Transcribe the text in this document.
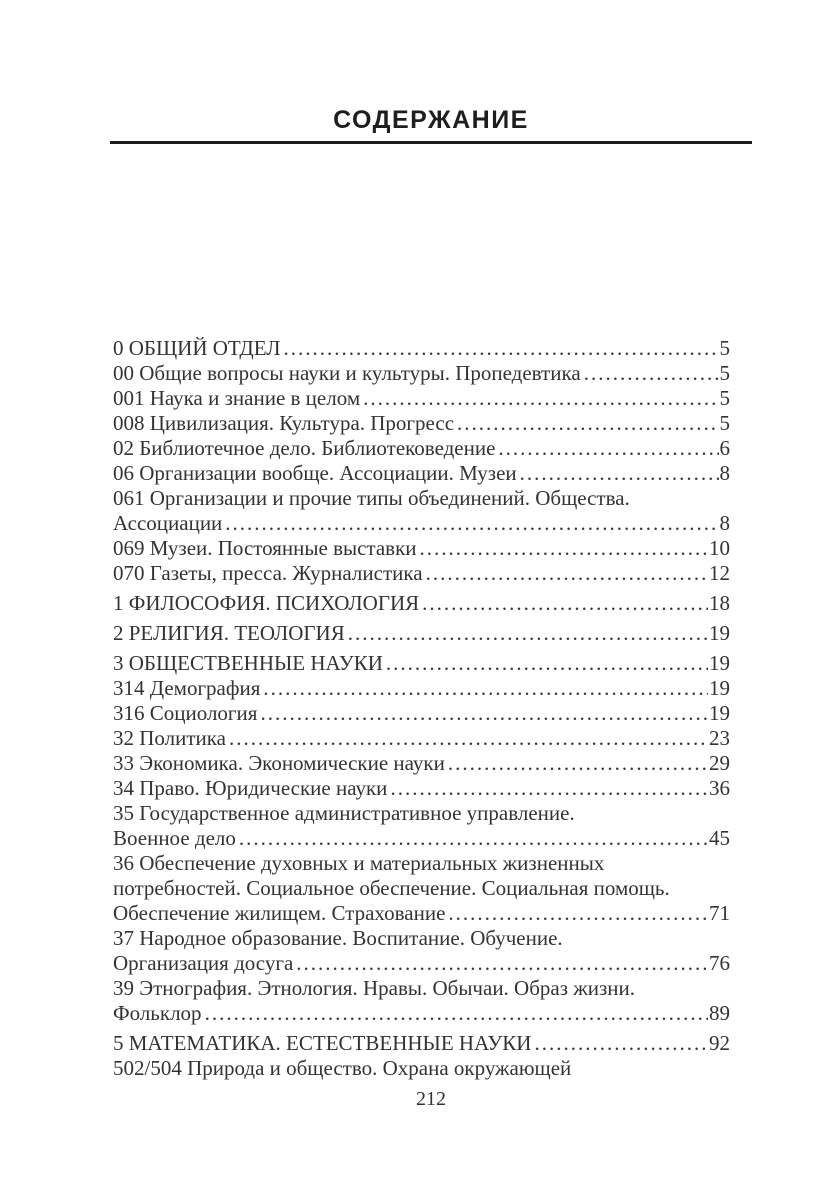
СОДЕРЖАНИЕ
0 ОБЩИЙ ОТДЕЛ .....	5
00 Общие вопросы науки и культуры. Пропедевтика .....	5
001 Наука и знание в целом .....	5
008 Цивилизация. Культура. Прогресс .....	5
02 Библиотечное дело. Библиотековедение .....	6
06 Организации вообще. Ассоциации. Музеи .....	8
061 Организации и прочие типы объединений. Общества.
Ассоциации .....	8
069 Музеи. Постоянные выставки .....	10
070 Газеты, пресса. Журналистика .....	12
1 ФИЛОСОФИЯ. ПСИХОЛОГИЯ .....	18
2 РЕЛИГИЯ. ТЕОЛОГИЯ .....	19
3 ОБЩЕСТВЕННЫЕ НАУКИ .....	19
314 Демография .....	19
316 Социология .....	19
32 Политика .....	23
33 Экономика. Экономические науки .....	29
34 Право. Юридические науки .....	36
35 Государственное административное управление.
Военное дело .....	45
36 Обеспечение духовных и материальных жизненных
потребностей. Социальное обеспечение. Социальная помощь.
Обеспечение жилищем. Страхование .....	71
37 Народное образование. Воспитание. Обучение.
Организация досуга .....	76
39 Этнография. Этнология. Нравы. Обычаи. Образ жизни.
Фольклор .....	89
5 МАТЕМАТИКА. ЕСТЕСТВЕННЫЕ НАУКИ .....	92
502/504 Природа и общество. Охрана окружающей
212
